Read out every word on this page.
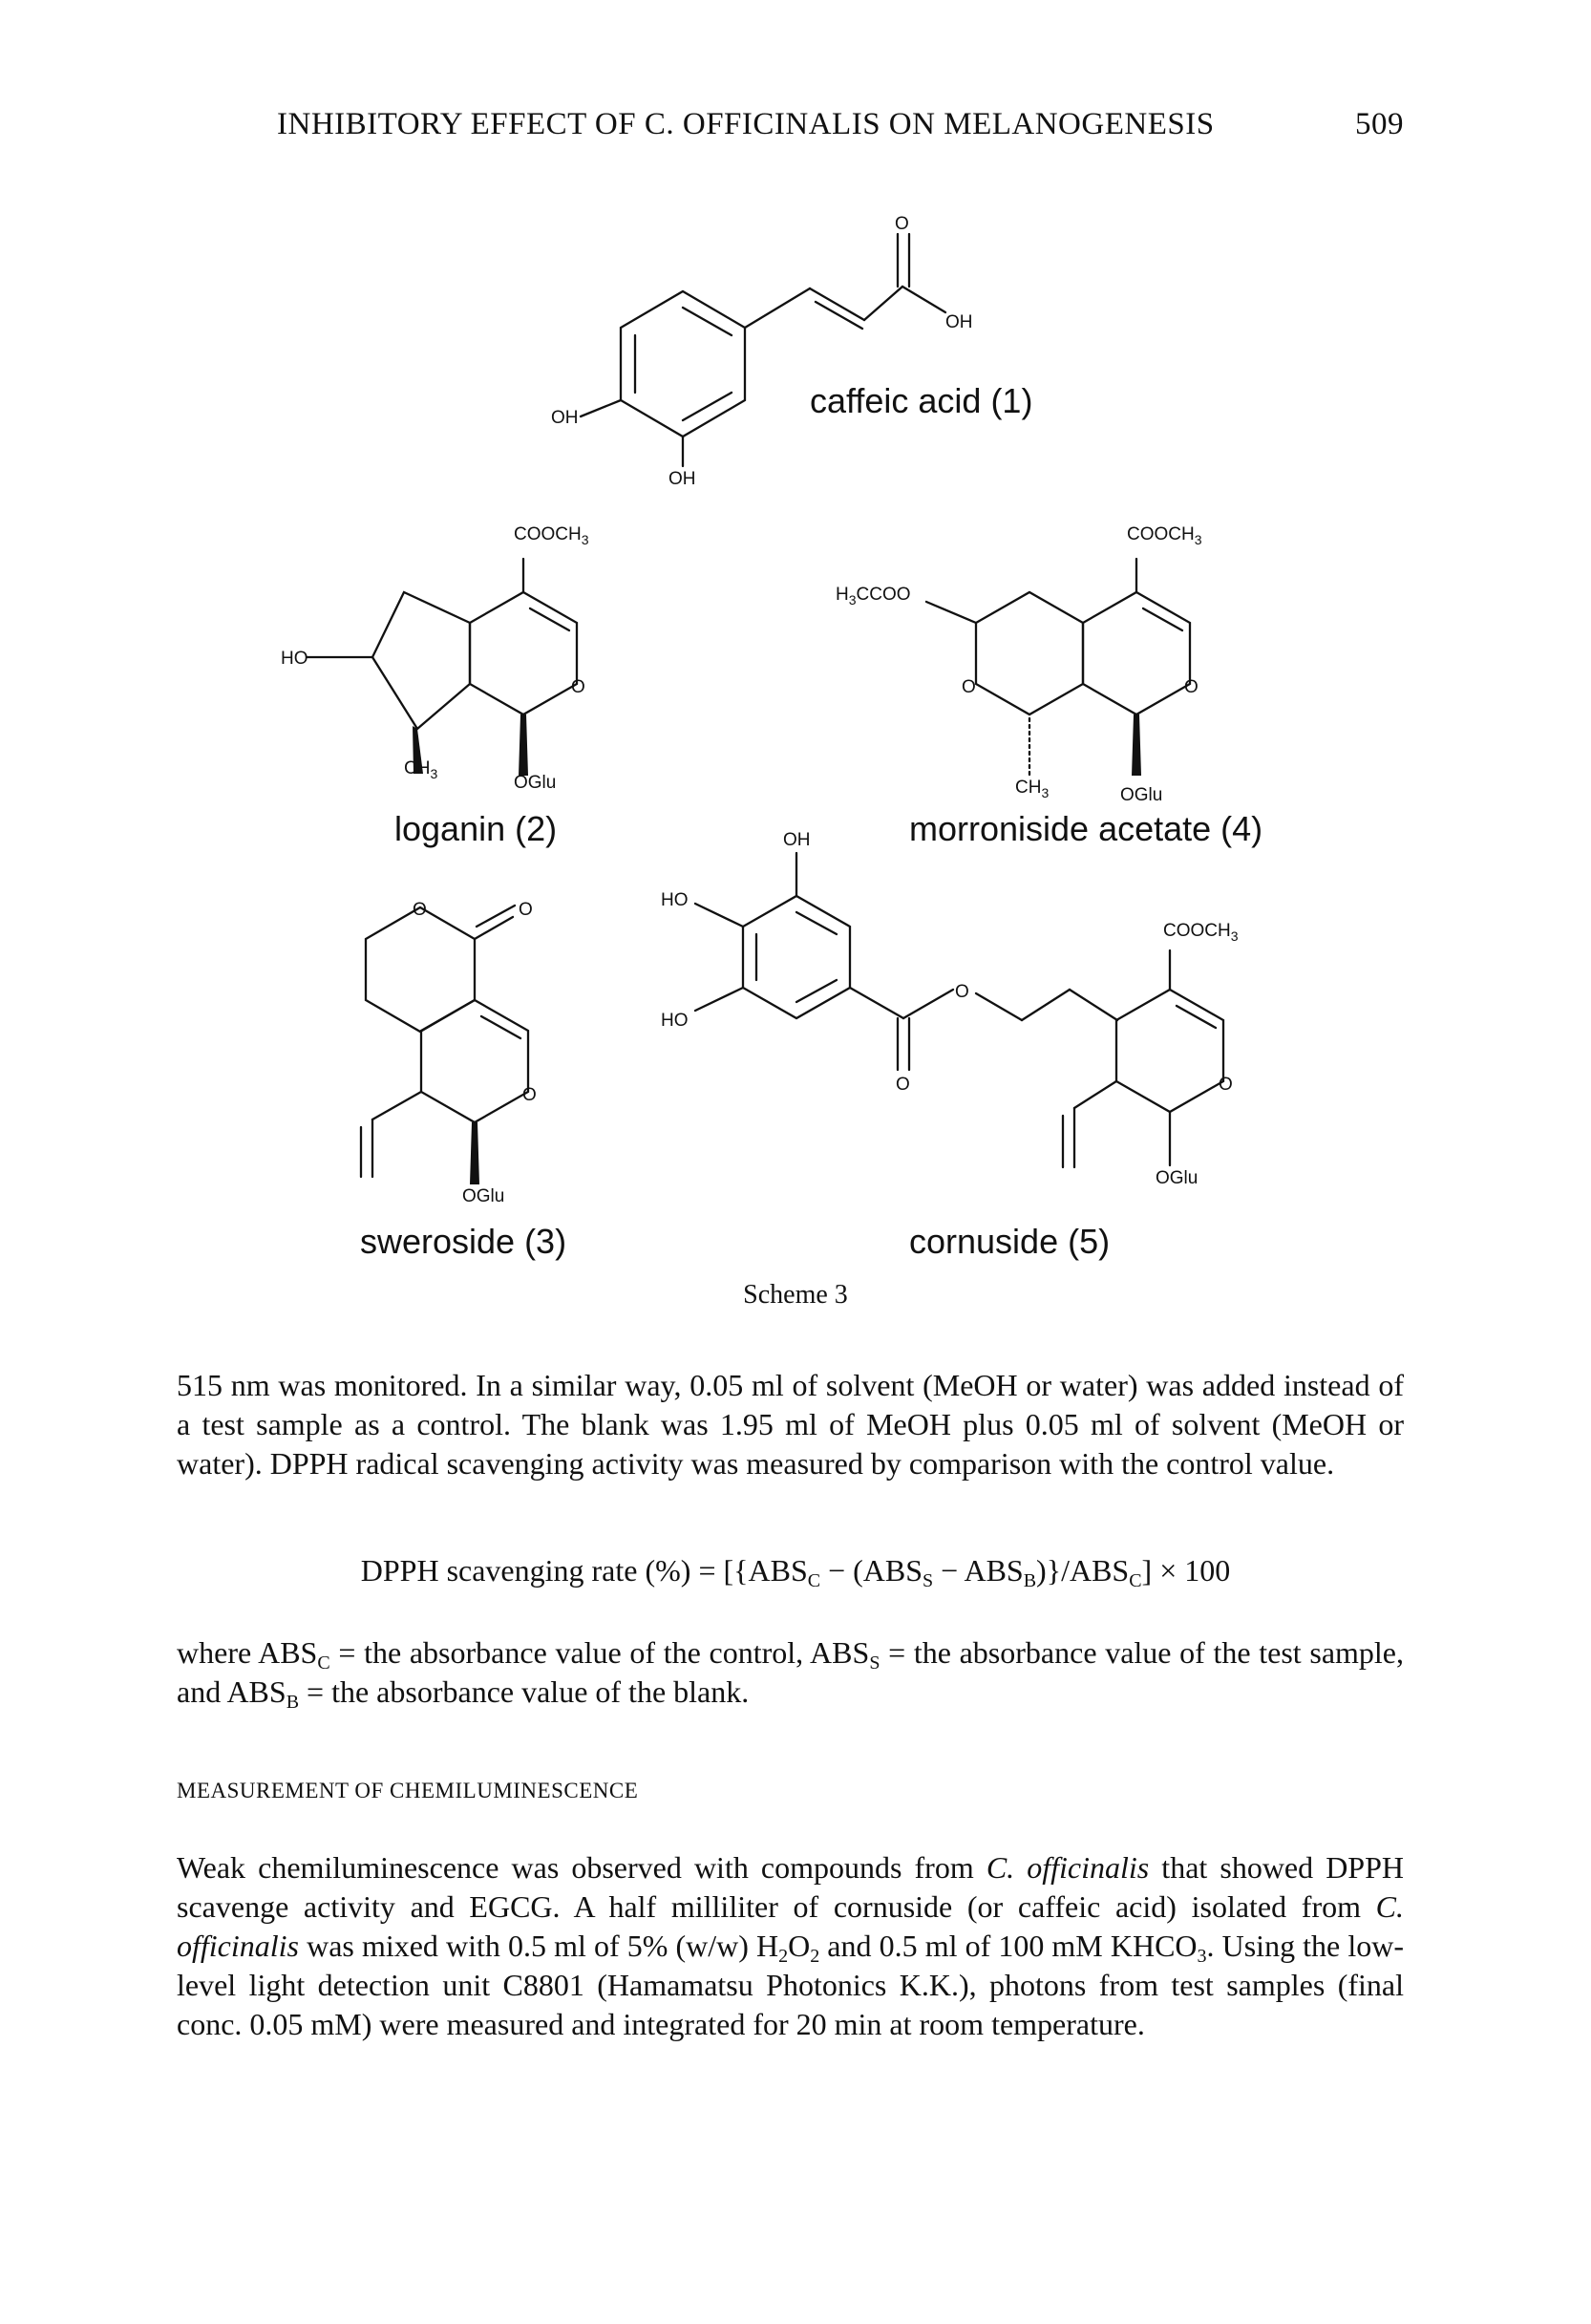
INHIBITORY EFFECT OF C. OFFICINALIS ON MELANOGENESIS	509
O
OH
OH
OH
caffeic acid (1)
$COOCH_3$
HO
O
$CH_3$	OGlu
loganin (2)
$COOCH_3$
$H_3CCOO$
O
O
$CH_3$	OGlu
morroniside acetate (4)
O	O
O
OGlu
sweroside (3)
OH
HO
HO
O
O
$COOCH_3$
O
OGlu
cornuside (5)
Scheme 3
515 nm was monitored. In a similar way, 0.05 ml of solvent (MeOH or water) was added instead of a test sample as a control. The blank was 1.95 ml of MeOH plus 0.05 ml of solvent (MeOH or water). DPPH radical scavenging activity was measured by comparison with the control value.
DPPH scavenging rate (%) = $[\{ABS_C - (ABS_S - ABS_B)\}/ABS_C] \times 100$
where $ABS_C$ = the absorbance value of the control, $ABS_S$ = the absorbance value of the test sample, and $ABS_B$ = the absorbance value of the blank.
MEASUREMENT OF CHEMILUMINESCENCE
Weak chemiluminescence was observed with compounds from C. officinalis that showed DPPH scavenge activity and EGCG. A half milliliter of cornuside (or caffeic acid) isolated from C. officinalis was mixed with 0.5 ml of 5% (w/w) $H_2O_2$ and 0.5 ml of 100 mM $KHCO_3$. Using the low-level light detection unit C8801 (Hamamatsu Photonics K.K.), photons from test samples (final conc. 0.05 mM) were measured and integrated for 20 min at room temperature.
